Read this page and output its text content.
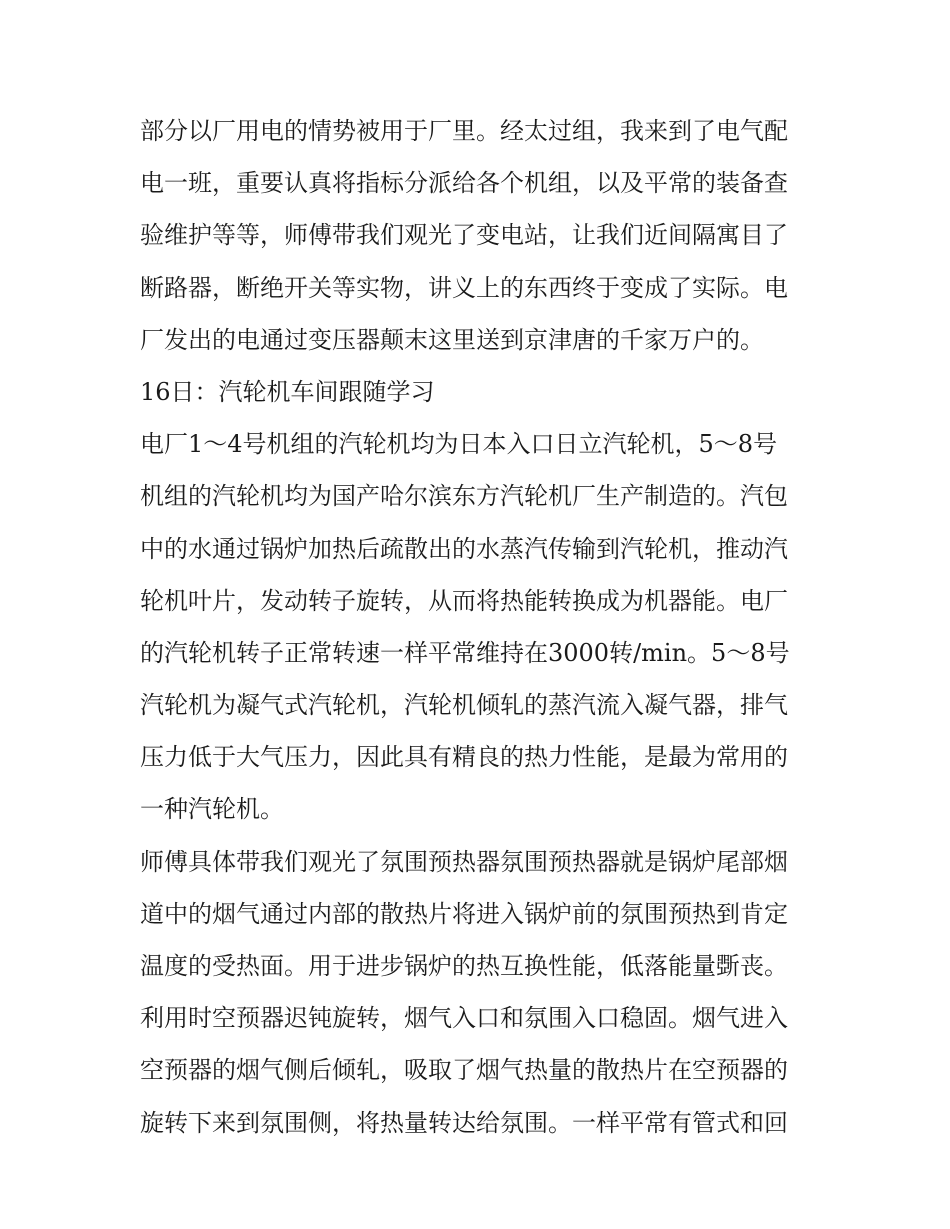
部分以厂用电的情势被用于厂里。经太过组，我来到了电气配
电一班，重要认真将指标分派给各个机组，以及平常的装备查
验维护等等，师傅带我们观光了变电站，让我们近间隔寓目了
断路器，断绝开关等实物，讲义上的东西终于变成了实际。电
厂发出的电通过变压器颠末这里送到京津唐的千家万户的。
16日：汽轮机车间跟随学习
电厂1～4号机组的汽轮机均为日本入口日立汽轮机，5～8号
机组的汽轮机均为国产哈尔滨东方汽轮机厂生产制造的。汽包
中的水通过锅炉加热后疏散出的水蒸汽传输到汽轮机，推动汽
轮机叶片，发动转子旋转，从而将热能转换成为机器能。电厂
的汽轮机转子正常转速一样平常维持在3000转/min。5～8号
汽轮机为凝气式汽轮机，汽轮机倾轧的蒸汽流入凝气器，排气
压力低于大气压力，因此具有精良的热力性能，是最为常用的
一种汽轮机。
师傅具体带我们观光了氛围预热器氛围预热器就是锅炉尾部烟
道中的烟气通过内部的散热片将进入锅炉前的氛围预热到肯定
温度的受热面。用于进步锅炉的热互换性能，低落能量斲丧。
利用时空预器迟钝旋转，烟气入口和氛围入口稳固。烟气进入
空预器的烟气侧后倾轧，吸取了烟气热量的散热片在空预器的
旋转下来到氛围侧，将热量转达给氛围。一样平常有管式和回
